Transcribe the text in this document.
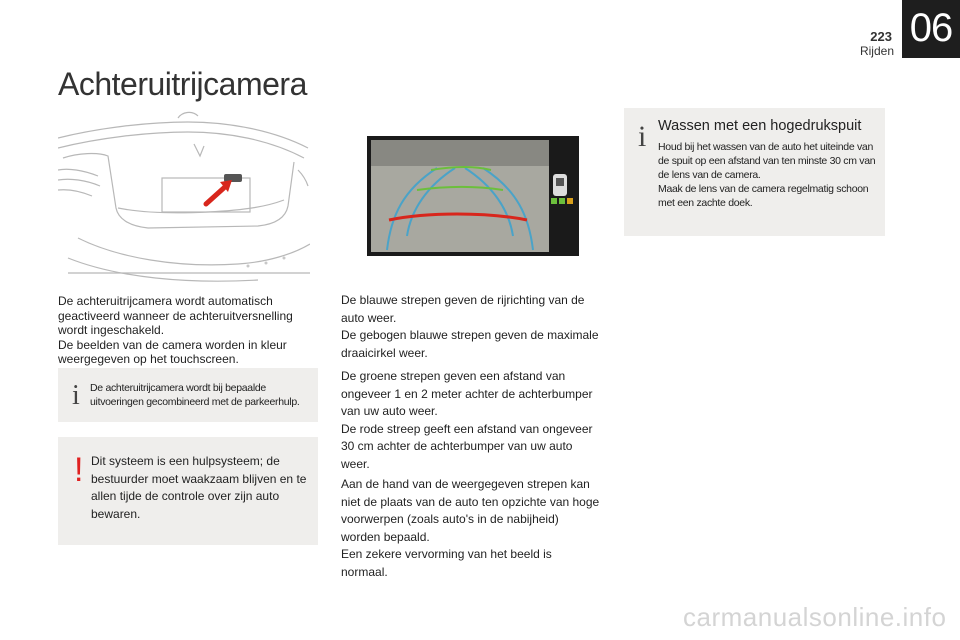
223
Rijden
06
Achteruitrijcamera
De achteruitrijcamera wordt automatisch geactiveerd wanneer de achteruitversnelling wordt ingeschakeld.
De beelden van de camera worden in kleur weergegeven op het touchscreen.
i De achteruitrijcamera wordt bij bepaalde uitvoeringen gecombineerd met de parkeerhulp.
! Dit systeem is een hulpsysteem; de bestuurder moet waakzaam blijven en te allen tijde de controle over zijn auto bewaren.

De blauwe strepen geven de rijrichting van de auto weer.

De gebogen blauwe strepen geven de maximale draaicirkel weer.

De groene strepen geven een afstand van ongeveer 1 en 2 meter achter de achterbumper van uw auto weer.

De rode streep geeft een afstand van ongeveer 30 cm achter de achterbumper van uw auto weer.

Aan de hand van de weergegeven strepen kan niet de plaats van de auto ten opzichte van hoge voorwerpen (zoals auto's in de nabijheid) worden bepaald.

Een zekere vervorming van het beeld is normaal.

i Wassen met een hogedrukspuit
Houd bij het wassen van de auto het uiteinde van de spuit op een afstand van ten minste 30 cm van de lens van de camera.
Maak de lens van de camera regelmatig schoon met een zachte doek.
carmanualsonline.info
